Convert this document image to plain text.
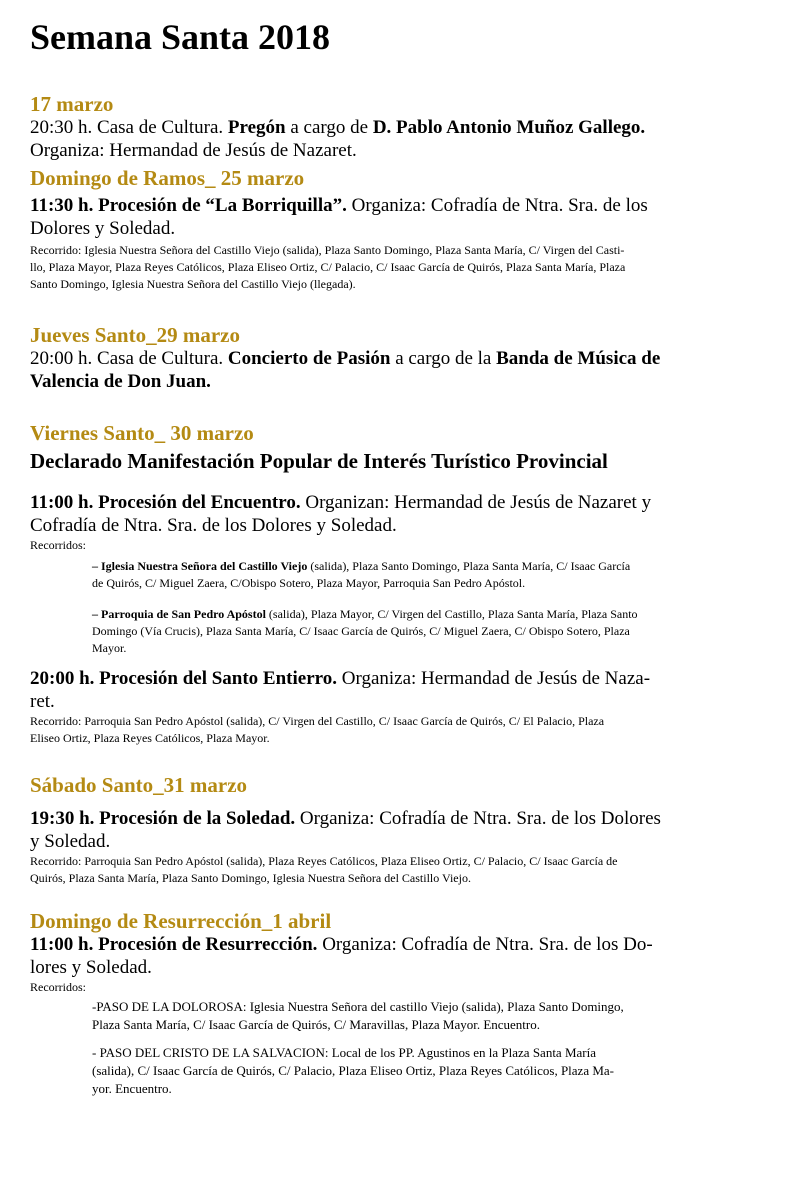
Semana Santa 2018

17 marzo

20:30 h. Casa de Cultura. Pregón a cargo de D. Pablo Antonio Muñoz Gallego.

Organiza: Hermandad de Jesús de Nazaret.

Domingo de Ramos_ 25 marzo

11:30 h. Procesión de “La Borriquilla”. Organiza: Cofradía de Ntra. Sra. de los

Dolores y Soledad.

Recorrido: Iglesia Nuestra Señora del Castillo Viejo (salida), Plaza Santo Domingo, Plaza Santa María, C/ Virgen del Casti-

llo, Plaza Mayor, Plaza Reyes Católicos, Plaza Eliseo Ortiz, C/ Palacio, C/ Isaac García de Quirós, Plaza Santa María, Plaza

Santo Domingo, Iglesia Nuestra Señora del Castillo Viejo (llegada).

Jueves Santo_29 marzo

20:00 h. Casa de Cultura. Concierto de Pasión a cargo de la Banda de Música de

Valencia de Don Juan.

Viernes Santo_ 30 marzo

Declarado Manifestación Popular de Interés Turístico Provincial

11:00 h. Procesión del Encuentro. Organizan: Hermandad de Jesús de Nazaret y

Cofradía de Ntra. Sra. de los Dolores y Soledad.

Recorridos:

– Iglesia Nuestra Señora del Castillo Viejo (salida), Plaza Santo Domingo, Plaza Santa María, C/ Isaac García

de Quirós, C/ Miguel Zaera, C/Obispo Sotero, Plaza Mayor, Parroquia San Pedro Apóstol.

– Parroquia de San Pedro Apóstol (salida), Plaza Mayor, C/ Virgen del Castillo, Plaza Santa María, Plaza Santo

Domingo (Vía Crucis), Plaza Santa María, C/ Isaac García de Quirós, C/ Miguel Zaera, C/ Obispo Sotero, Plaza

Mayor.

20:00 h. Procesión del Santo Entierro. Organiza: Hermandad de Jesús de Naza-

ret.

Recorrido: Parroquia San Pedro Apóstol (salida), C/ Virgen del Castillo, C/ Isaac García de Quirós, C/ El Palacio, Plaza

Eliseo Ortiz, Plaza Reyes Católicos, Plaza Mayor.

Sábado Santo_31 marzo

19:30 h. Procesión de la Soledad. Organiza: Cofradía de Ntra. Sra. de los Dolores

y Soledad.

Recorrido: Parroquia San Pedro Apóstol (salida), Plaza Reyes Católicos, Plaza Eliseo Ortiz, C/ Palacio, C/ Isaac García de

Quirós, Plaza Santa María, Plaza Santo Domingo, Iglesia Nuestra Señora del Castillo Viejo.

Domingo de Resurrección_1 abril

11:00 h. Procesión de Resurrección. Organiza: Cofradía de Ntra. Sra. de los Do-

lores y Soledad.

Recorridos:

-PASO DE LA DOLOROSA: Iglesia Nuestra Señora del castillo Viejo (salida), Plaza Santo Domingo,

Plaza Santa María, C/ Isaac García de Quirós, C/ Maravillas, Plaza Mayor. Encuentro.

- PASO DEL CRISTO DE LA SALVACION: Local de los PP. Agustinos en la Plaza Santa María

(salida), C/ Isaac García de Quirós, C/ Palacio, Plaza Eliseo Ortiz, Plaza Reyes Católicos, Plaza Ma-

yor. Encuentro.
